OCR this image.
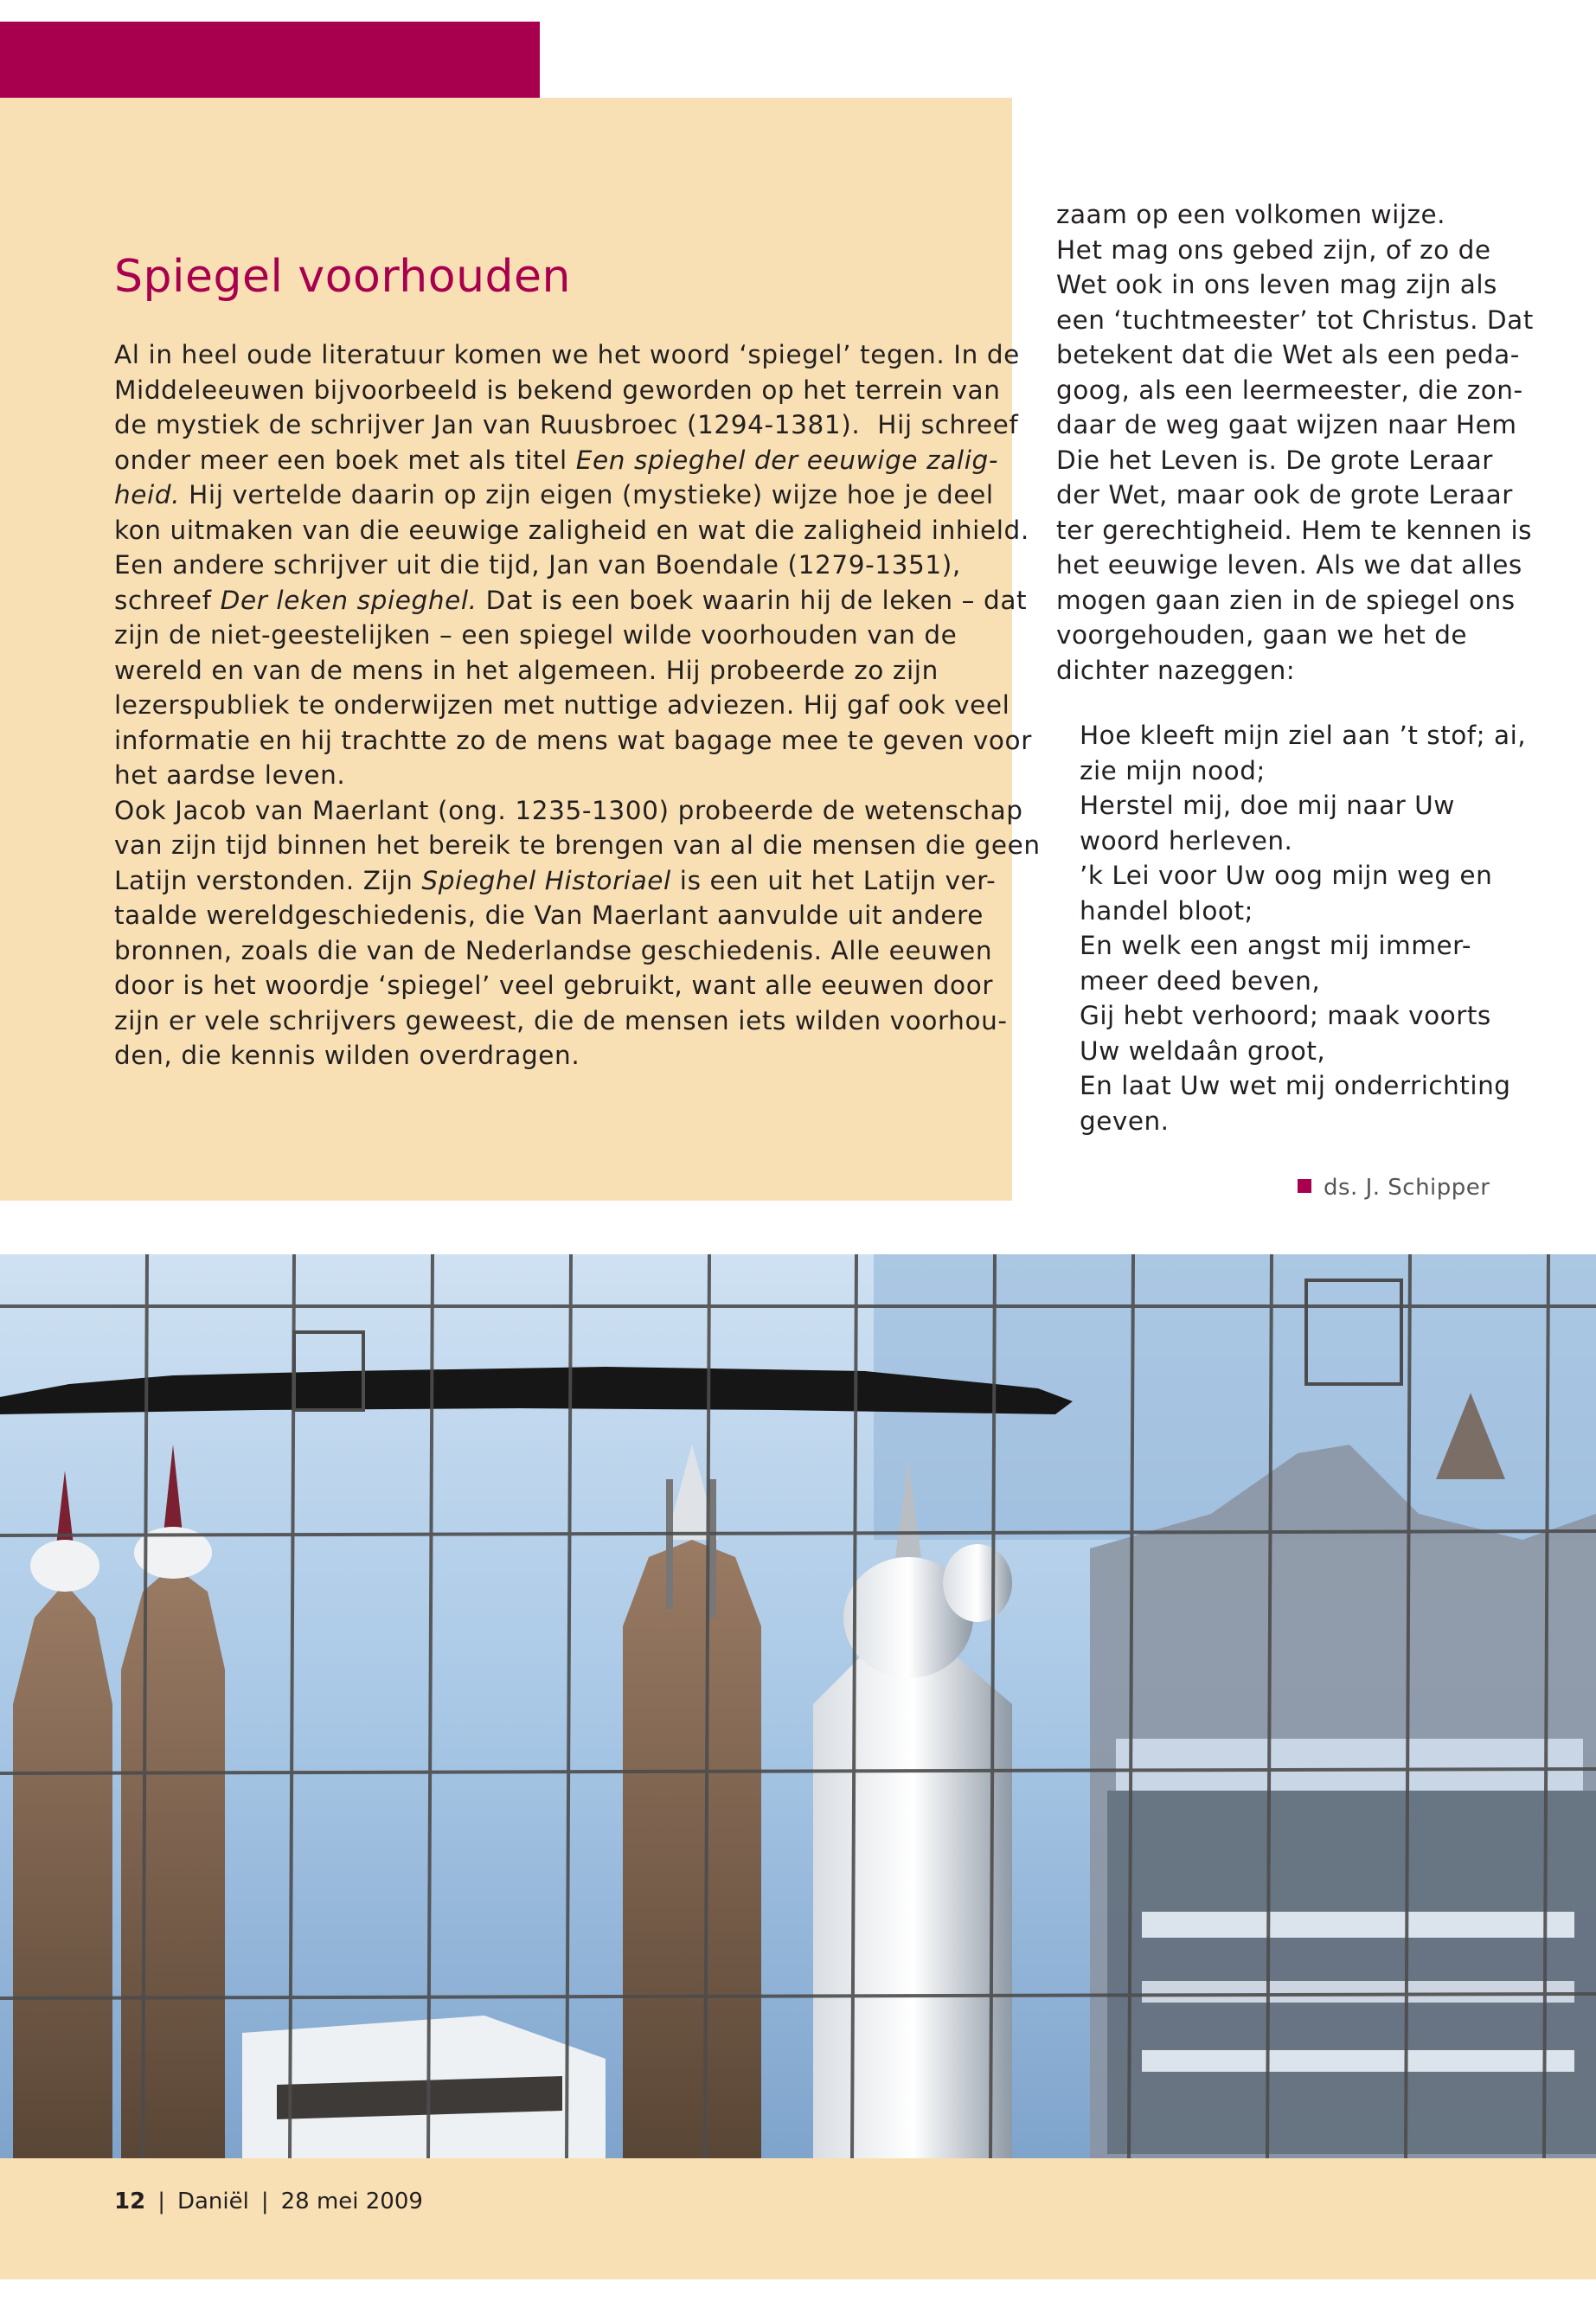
Spiegel voorhouden

Al in heel oude literatuur komen we het woord ‘spiegel’ tegen. In de
Middeleeuwen bijvoorbeeld is bekend geworden op het terrein van
de mystiek de schrijver Jan van Ruusbroec (1294-1381).  Hij schreef
onder meer een boek met als titel Een spieghel der eeuwige zalig-
heid. Hij vertelde daarin op zijn eigen (mystieke) wijze hoe je deel
kon uitmaken van die eeuwige zaligheid en wat die zaligheid inhield.
Een andere schrijver uit die tijd, Jan van Boendale (1279-1351),
schreef Der leken spieghel. Dat is een boek waarin hij de leken – dat
zijn de niet-geestelijken – een spiegel wilde voorhouden van de
wereld en van de mens in het algemeen. Hij probeerde zo zijn
lezerspubliek te onderwijzen met nuttige adviezen. Hij gaf ook veel
informatie en hij trachtte zo de mens wat bagage mee te geven voor
het aardse leven.

Ook Jacob van Maerlant (ong. 1235-1300) probeerde de wetenschap
van zijn tijd binnen het bereik te brengen van al die mensen die geen
Latijn verstonden. Zijn Spieghel Historiael is een uit het Latijn ver-
taalde wereldgeschiedenis, die Van Maerlant aanvulde uit andere
bronnen, zoals die van de Nederlandse geschiedenis. Alle eeuwen
door is het woordje ‘spiegel’ veel gebruikt, want alle eeuwen door
zijn er vele schrijvers geweest, die de mensen iets wilden voorhou-
den, die kennis wilden overdragen.

zaam op een volkomen wijze.
Het mag ons gebed zijn, of zo de
Wet ook in ons leven mag zijn als
een ‘tuchtmeester’ tot Christus. Dat
betekent dat die Wet als een peda-
goog, als een leermeester, die zon-
daar de weg gaat wijzen naar Hem
Die het Leven is. De grote Leraar
der Wet, maar ook de grote Leraar
ter gerechtigheid. Hem te kennen is
het eeuwige leven. Als we dat alles
mogen gaan zien in de spiegel ons
voorgehouden, gaan we het de
dichter nazeggen:
Hoe kleeft mijn ziel aan ’t stof; ai,
zie mijn nood;
Herstel mij, doe mij naar Uw
woord herleven.
’k Lei voor Uw oog mijn weg en
handel bloot;
En welk een angst mij immer-
meer deed beven,
Gij hebt verhoord; maak voorts
Uw weldaân groot,
En laat Uw wet mij onderrichting
geven.
ds. J. Schipper
12 | Daniël | 28 mei 2009
